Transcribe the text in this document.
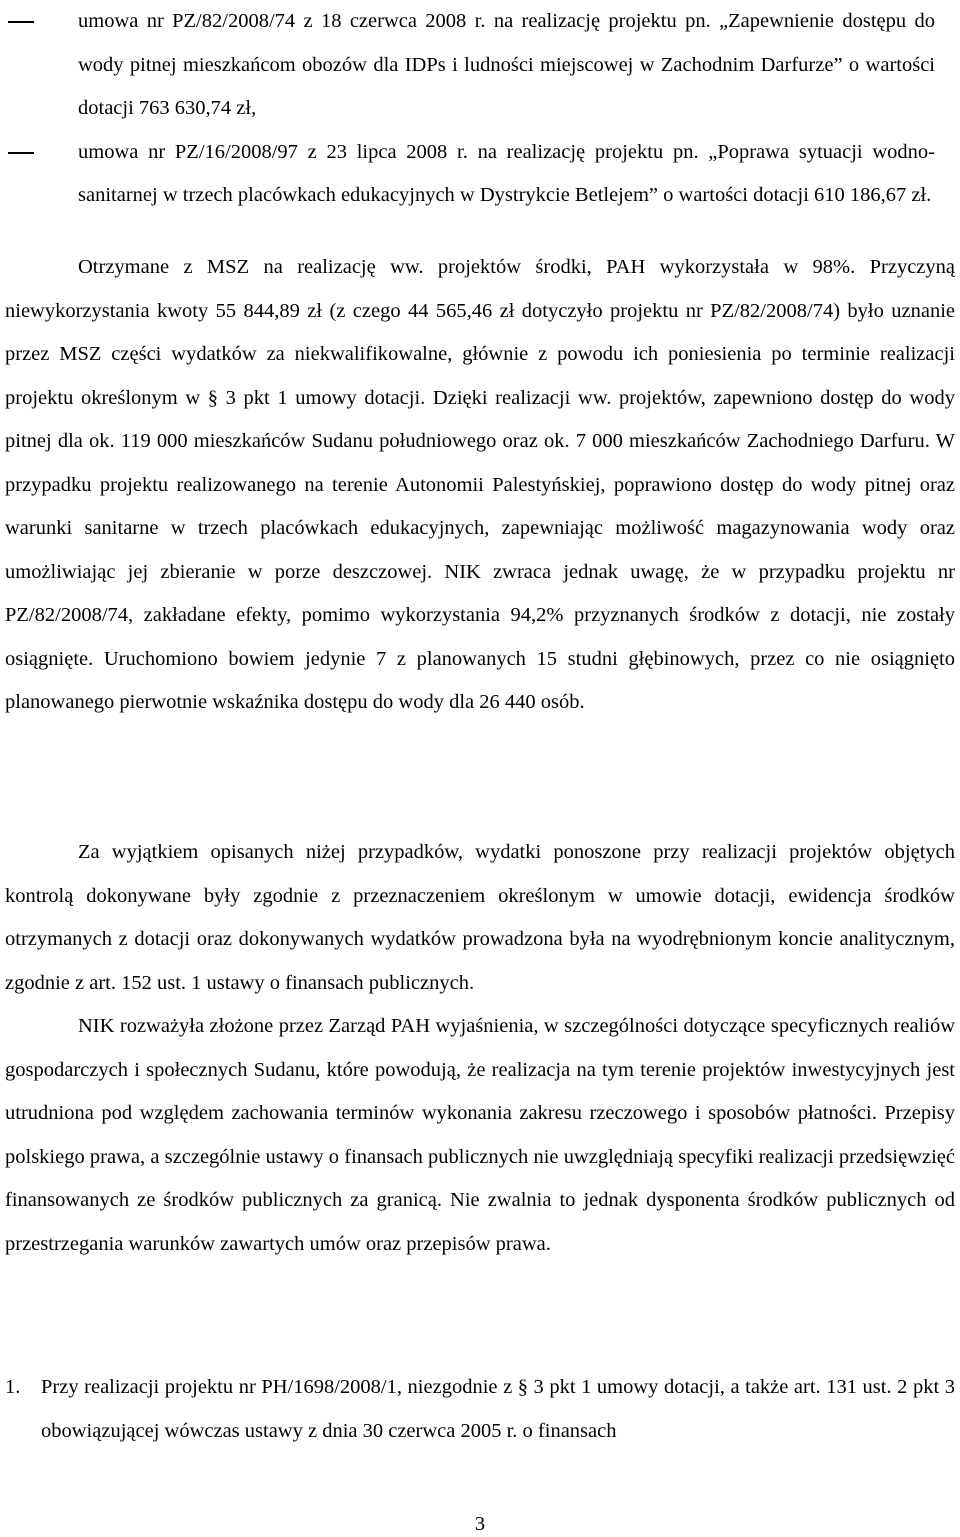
umowa nr PZ/82/2008/74 z 18 czerwca 2008 r. na realizację projektu pn. „Zapewnienie dostępu do wody pitnej mieszkańcom obozów dla IDPs i ludności miejscowej w Zachodnim Darfurze” o wartości dotacji 763 630,74 zł,
umowa nr PZ/16/2008/97 z 23 lipca 2008 r. na realizację projektu pn. „Poprawa sytuacji wodno-sanitarnej w trzech placówkach edukacyjnych w Dystrykcie Betlejem” o wartości dotacji 610 186,67 zł.
Otrzymane z MSZ na realizację ww. projektów środki, PAH wykorzystała w 98%. Przyczyną niewykorzystania kwoty 55 844,89 zł (z czego 44 565,46 zł dotyczyło projektu nr PZ/82/2008/74) było uznanie przez MSZ części wydatków za niekwalifikowalne, głównie z powodu ich poniesienia po terminie realizacji projektu określonym w § 3 pkt 1 umowy dotacji. Dzięki realizacji ww. projektów, zapewniono dostęp do wody pitnej dla ok. 119 000 mieszkańców Sudanu południowego oraz ok. 7 000 mieszkańców Zachodniego Darfuru. W przypadku projektu realizowanego na terenie Autonomii Palestyńskiej, poprawiono dostęp do wody pitnej oraz warunki sanitarne w trzech placówkach edukacyjnych, zapewniając możliwość magazynowania wody oraz umożliwiając jej zbieranie w porze deszczowej. NIK zwraca jednak uwagę, że w przypadku projektu nr PZ/82/2008/74, zakładane efekty, pomimo wykorzystania 94,2% przyznanych środków z dotacji, nie zostały osiągnięte. Uruchomiono bowiem jedynie 7 z planowanych 15 studni głębinowych, przez co nie osiągnięto planowanego pierwotnie wskaźnika dostępu do wody dla 26 440 osób.
Za wyjątkiem opisanych niżej przypadków, wydatki ponoszone przy realizacji projektów objętych kontrolą dokonywane były zgodnie z przeznaczeniem określonym w umowie dotacji, ewidencja środków otrzymanych z dotacji oraz dokonywanych wydatków prowadzona była na wyodrębnionym koncie analitycznym, zgodnie z art. 152 ust. 1 ustawy o finansach publicznych.
NIK rozważyła złożone przez Zarząd PAH wyjaśnienia, w szczególności dotyczące specyficznych realiów gospodarczych i społecznych Sudanu, które powodują, że realizacja na tym terenie projektów inwestycyjnych jest utrudniona pod względem zachowania terminów wykonania zakresu rzeczowego i sposobów płatności. Przepisy polskiego prawa, a szczególnie ustawy o finansach publicznych nie uwzględniają specyfiki realizacji przedsięwzięć finansowanych ze środków publicznych za granicą. Nie zwalnia to jednak dysponenta środków publicznych od przestrzegania warunków zawartych umów oraz przepisów prawa.
1.	Przy realizacji projektu nr PH/1698/2008/1, niezgodnie z § 3 pkt 1 umowy dotacji, a także art. 131 ust. 2 pkt 3 obowiązującej wówczas ustawy z dnia 30 czerwca 2005 r. o finansach
3
